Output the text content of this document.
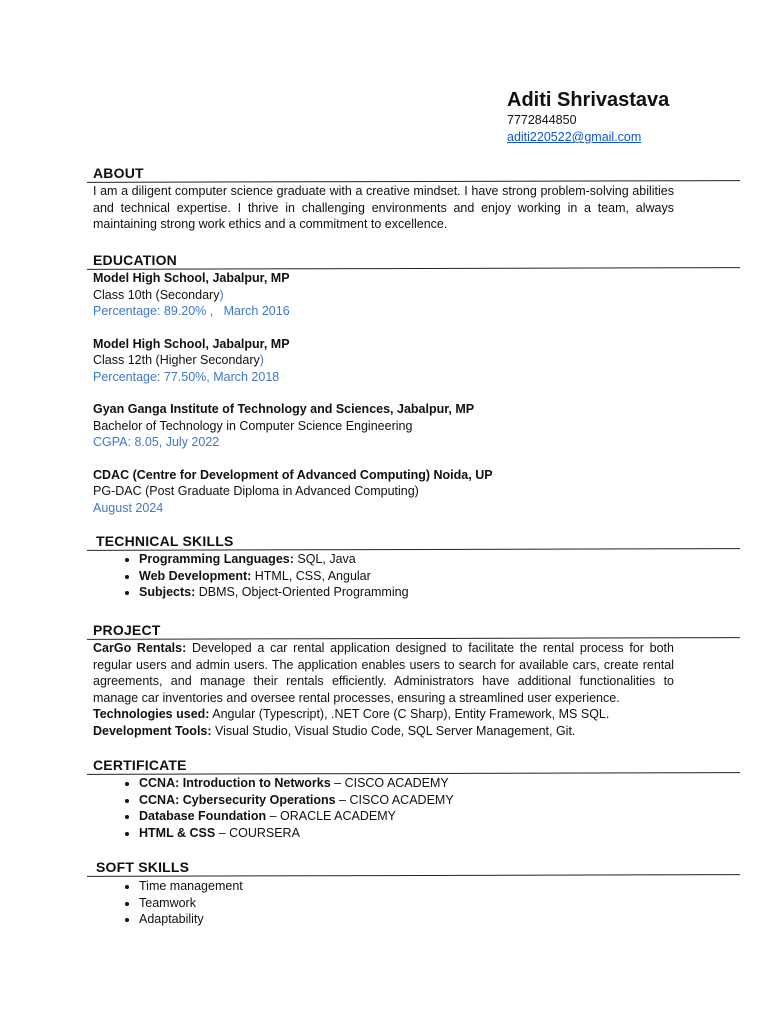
Aditi Shrivastava
7772844850
aditi220522@gmail.com
ABOUT
I am a diligent computer science graduate with a creative mindset. I have strong problem-solving abilities and technical expertise. I thrive in challenging environments and enjoy working in a team, always maintaining strong work ethics and a commitment to excellence.
EDUCATION
Model High School, Jabalpur, MP
Class 10th (Secondary)
Percentage: 89.20% ,   March 2016
Model High School, Jabalpur, MP
Class 12th (Higher Secondary)
Percentage: 77.50%, March 2018
Gyan Ganga Institute of Technology and Sciences, Jabalpur, MP
Bachelor of Technology in Computer Science Engineering
CGPA: 8.05, July 2022
CDAC (Centre for Development of Advanced Computing) Noida, UP
PG-DAC (Post Graduate Diploma in Advanced Computing)
August 2024
TECHNICAL SKILLS
• Programming Languages: SQL, Java
• Web Development: HTML, CSS, Angular
• Subjects: DBMS, Object-Oriented Programming
PROJECT
CarGo Rentals: Developed a car rental application designed to facilitate the rental process for both regular users and admin users. The application enables users to search for available cars, create rental agreements, and manage their rentals efficiently. Administrators have additional functionalities to manage car inventories and oversee rental processes, ensuring a streamlined user experience.
Technologies used: Angular (Typescript), .NET Core (C Sharp), Entity Framework, MS SQL.
Development Tools: Visual Studio, Visual Studio Code, SQL Server Management, Git.
CERTIFICATE
• CCNA: Introduction to Networks – CISCO ACADEMY
• CCNA: Cybersecurity Operations – CISCO ACADEMY
• Database Foundation – ORACLE ACADEMY
• HTML & CSS – COURSERA
SOFT SKILLS
• Time management
• Teamwork
• Adaptability
